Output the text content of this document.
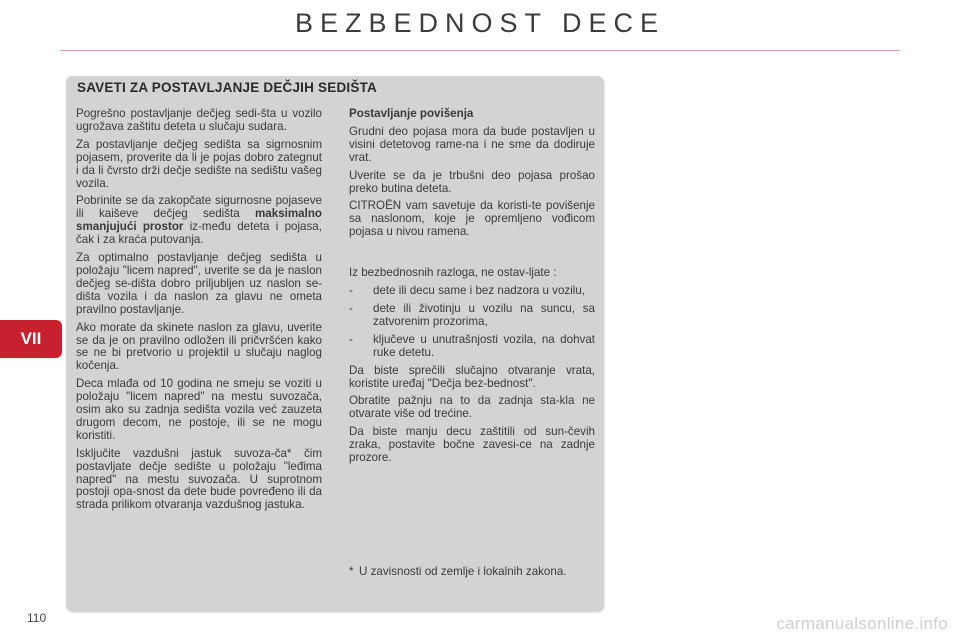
BEZBEDNOST DECE
VII
SAVETI ZA POSTAVLJANJE DEČJIH SEDIŠTA

Pogrešno postavljanje dečjeg sedi-šta u vozilo ugrožava zaštitu deteta u slučaju sudara.

Za postavljanje dečjeg sedišta sa sigrnosnim pojasem, proverite da li je pojas dobro zategnut i da li čvrsto drži dečje sedište na sedištu vašeg vozila.

Pobrinite se da zakopčate sigurnosne pojaseve ili kaiševe dečjeg sedišta maksimalno smanjujući prostor iz-među deteta i pojasa, čak i za kraća putovanja.

Za optimalno postavljanje dečjeg sedišta u položaju "licem napred", uverite se da je naslon dečjeg se-dišta dobro priljubljen uz naslon se-dišta vozila i da naslon za glavu ne ometa pravilno postavljanje.

Ako morate da skinete naslon za glavu, uverite se da je on pravilno odložen ili pričvršćen kako se ne bi pretvorio u projektil u slučaju naglog kočenja.

Deca mlađa od 10 godina ne smeju se voziti u položaju "licem napred" na mestu suvozača, osim ako su zadnja sedišta vozila već zauzeta drugom decom, ne postoje, ili se ne mogu koristiti.

Isključite vazdušni jastuk suvoza-ča* čim postavljate dečje sedište u položaju "leđima napred" na mestu suvozača. U suprotnom postoji opa-snost da dete bude povređeno ili da strada prilikom otvaranja vazdušnog jastuka.

Postavljanje povišenja

Grudni deo pojasa mora da bude postavljen u visini detetovog rame-na i ne sme da dodiruje vrat.

Uverite se da je trbušni deo pojasa prošao preko butina deteta.

CITROËN vam savetuje da koristi-te povišenje sa naslonom, koje je opremljeno vođicom pojasa u nivou ramena.

Iz bezbednosnih razloga, ne ostav-ljate :

-	dete ili decu same i bez nadzora u vozilu,
-	dete ili životinju u vozilu na suncu, sa zatvorenim prozorima,
-	ključeve u unutrašnjosti vozila, na dohvat ruke detetu.

Da biste sprečili slučajno otvaranje vrata, koristite uređaj "Dečja bez-bednost".

Obratite pažnju na to da zadnja sta-kla ne otvarate više od trećine.

Da biste manju decu zaštitili od sun-čevih zraka, postavite bočne zavesi-ce na zadnje prozore.

* U zavisnosti od zemlje i lokalnih zakona.
110	carmanualsonline.info
